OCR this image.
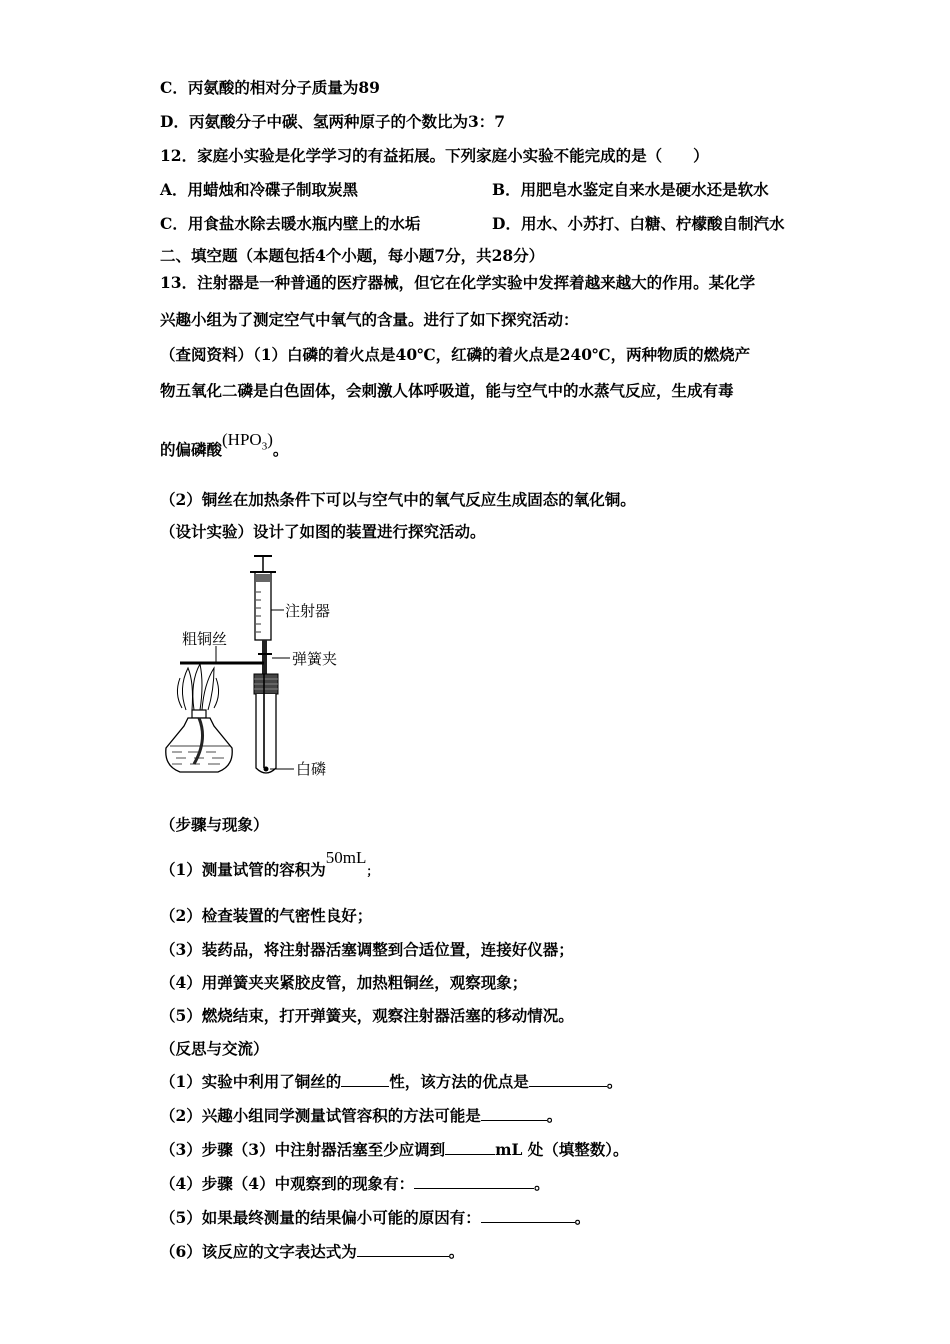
C．丙氨酸的相对分子质量为89
D．丙氨酸分子中碳、氢两种原子的个数比为3：7
12．家庭小实验是化学学习的有益拓展。下列家庭小实验不能完成的是（　　）
A．用蜡烛和冷碟子制取炭黑	B．用肥皂水鉴定自来水是硬水还是软水
C．用食盐水除去暖水瓶内壁上的水垢	D．用水、小苏打、白糖、柠檬酸自制汽水
二、填空题（本题包括4个小题，每小题7分，共28分）
13．注射器是一种普通的医疗器械，但它在化学实验中发挥着越来越大的作用。某化学
兴趣小组为了测定空气中氧气的含量。进行了如下探究活动：
（查阅资料）（1）白磷的着火点是40℃，红磷的着火点是240℃，两种物质的燃烧产
物五氧化二磷是白色固体，会刺激人体呼吸道，能与空气中的水蒸气反应，生成有毒
的偏磷酸$(HPO_3)$。
（2）铜丝在加热条件下可以与空气中的氧气反应生成固态的氧化铜。
（设计实验）设计了如图的装置进行探究活动。
注射器
弹簧夹
粗铜丝
白磷
（步骤与现象）
（1）测量试管的容积为50mL；
（2）检查装置的气密性良好；
（3）装药品，将注射器活塞调整到合适位置，连接好仪器；
（4）用弹簧夹夹紧胶皮管，加热粗铜丝，观察现象；
（5）燃烧结束，打开弹簧夹，观察注射器活塞的移动情况。
（反思与交流）
（1）实验中利用了铜丝的	性，该方法的优点是	。
（2）兴趣小组同学测量试管容积的方法可能是	。
（3）步骤（3）中注射器活塞至少应调到	mL 处（填整数）。
（4）步骤（4）中观察到的现象有：	。
（5）如果最终测量的结果偏小可能的原因有：	。
（6）该反应的文字表达式为	。
